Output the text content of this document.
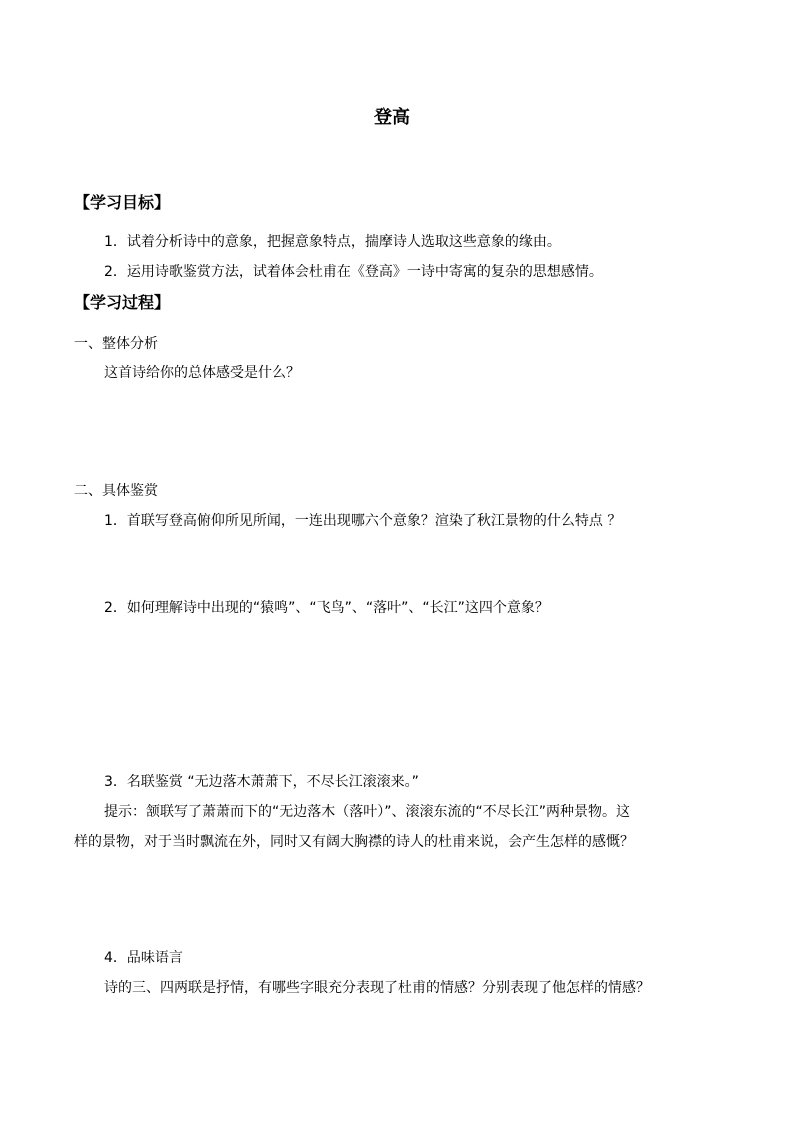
登高
【学习目标】
1．试着分析诗中的意象，把握意象特点，揣摩诗人选取这些意象的缘由。
2．运用诗歌鉴赏方法，试着体会杜甫在《登高》一诗中寄寓的复杂的思想感情。
【学习过程】
一、整体分析
这首诗给你的总体感受是什么？
二、具体鉴赏
1．首联写登高俯仰所见所闻，一连出现哪六个意象？渲染了秋江景物的什么特点 ？
2．如何理解诗中出现的“猿鸣”、“飞鸟”、“落叶”、“长江”这四个意象？
3．名联鉴赏 “无边落木萧萧下，不尽长江滚滚来。”
提示：颔联写了萧萧而下的“无边落木（落叶）”、滚滚东流的“不尽长江”两种景物。这
样的景物，对于当时飘流在外，同时又有阔大胸襟的诗人的杜甫来说，会产生怎样的感慨？
4．品味语言
诗的三、四两联是抒情，有哪些字眼充分表现了杜甫的情感？分别表现了他怎样的情感？
